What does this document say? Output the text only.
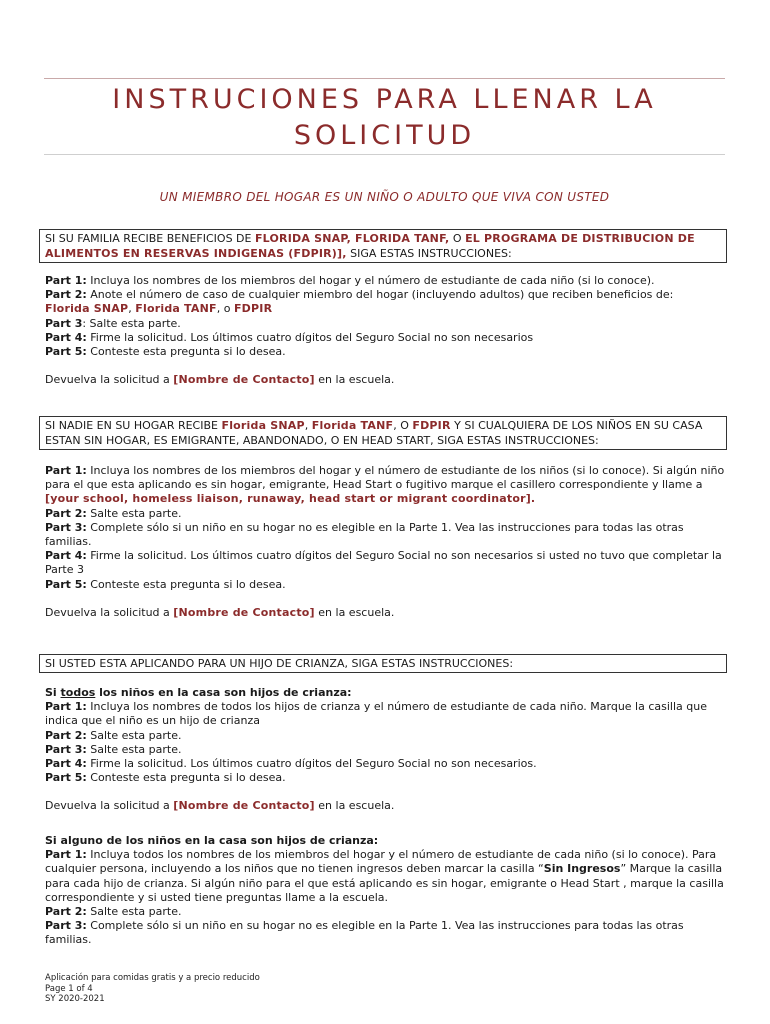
INSTRUCIONES PARA LLENAR LA
SOLICITUD
UN MIEMBRO DEL HOGAR ES UN NIÑO O ADULTO QUE VIVA CON USTED
SI SU FAMILIA RECIBE BENEFICIOS DE FLORIDA SNAP, FLORIDA TANF, O EL PROGRAMA DE DISTRIBUCION DE ALIMENTOS EN RESERVAS INDIGENAS (FDPIR)], SIGA ESTAS INSTRUCCIONES:

Part 1: Incluya los nombres de los miembros del hogar y el número de estudiante de cada niño (si lo conoce).

Part 2: Anote el número de caso de cualquier miembro del hogar (incluyendo adultos) que reciben beneficios de:

Florida SNAP, Florida TANF, o FDPIR

Part 3: Salte esta parte.

Part 4: Firme la solicitud. Los últimos cuatro dígitos del Seguro Social no son necesarios

Part 5: Conteste esta pregunta si lo desea.

Devuelva la solicitud a [Nombre de Contacto] en la escuela.

SI NADIE EN SU HOGAR RECIBE Florida SNAP, Florida TANF, O FDPIR Y SI CUALQUIERA DE LOS NIÑOS EN SU CASA ESTAN SIN HOGAR, ES EMIGRANTE, ABANDONADO, O EN HEAD START, SIGA ESTAS INSTRUCCIONES:

Part 1: Incluya los nombres de los miembros del hogar y el número de estudiante de los niños (si lo conoce). Si algún niño para el que esta aplicando es sin hogar, emigrante, Head Start o fugitivo marque el casillero correspondiente y llame a [your school, homeless liaison, runaway, head start or migrant coordinator].

Part 2: Salte esta parte.

Part 3: Complete sólo si un niño en su hogar no es elegible en la Parte 1. Vea las instrucciones para todas las otras familias.

Part 4: Firme la solicitud. Los últimos cuatro dígitos del Seguro Social no son necesarios si usted no tuvo que completar la Parte 3

Part 5: Conteste esta pregunta si lo desea.

Devuelva la solicitud a [Nombre de Contacto] en la escuela.

SI USTED ESTA APLICANDO PARA UN HIJO DE CRIANZA, SIGA ESTAS INSTRUCCIONES:

Si todos los niños en la casa son hijos de crianza:

Part 1: Incluya los nombres de todos los hijos de crianza y el número de estudiante de cada niño. Marque la casilla que indica que el niño es un hijo de crianza

Part 2: Salte esta parte.

Part 3: Salte esta parte.

Part 4: Firme la solicitud. Los últimos cuatro dígitos del Seguro Social no son necesarios.

Part 5: Conteste esta pregunta si lo desea.

Devuelva la solicitud a [Nombre de Contacto] en la escuela.

Si alguno de los niños en la casa son hijos de crianza:

Part 1: Incluya todos los nombres de los miembros del hogar y el número de estudiante de cada niño (si lo conoce). Para cualquier persona, incluyendo a los niños que no tienen ingresos deben marcar la casilla “Sin Ingresos” Marque la casilla para cada hijo de crianza. Si algún niño para el que está aplicando es sin hogar, emigrante o Head Start , marque la casilla correspondiente y si usted tiene preguntas llame a la escuela.

Part 2: Salte esta parte.

Part 3: Complete sólo si un niño en su hogar no es elegible en la Parte 1. Vea las instrucciones para todas las otras familias.

Aplicación para comidas gratis y a precio reducido
Page 1 of 4
SY 2020-2021
